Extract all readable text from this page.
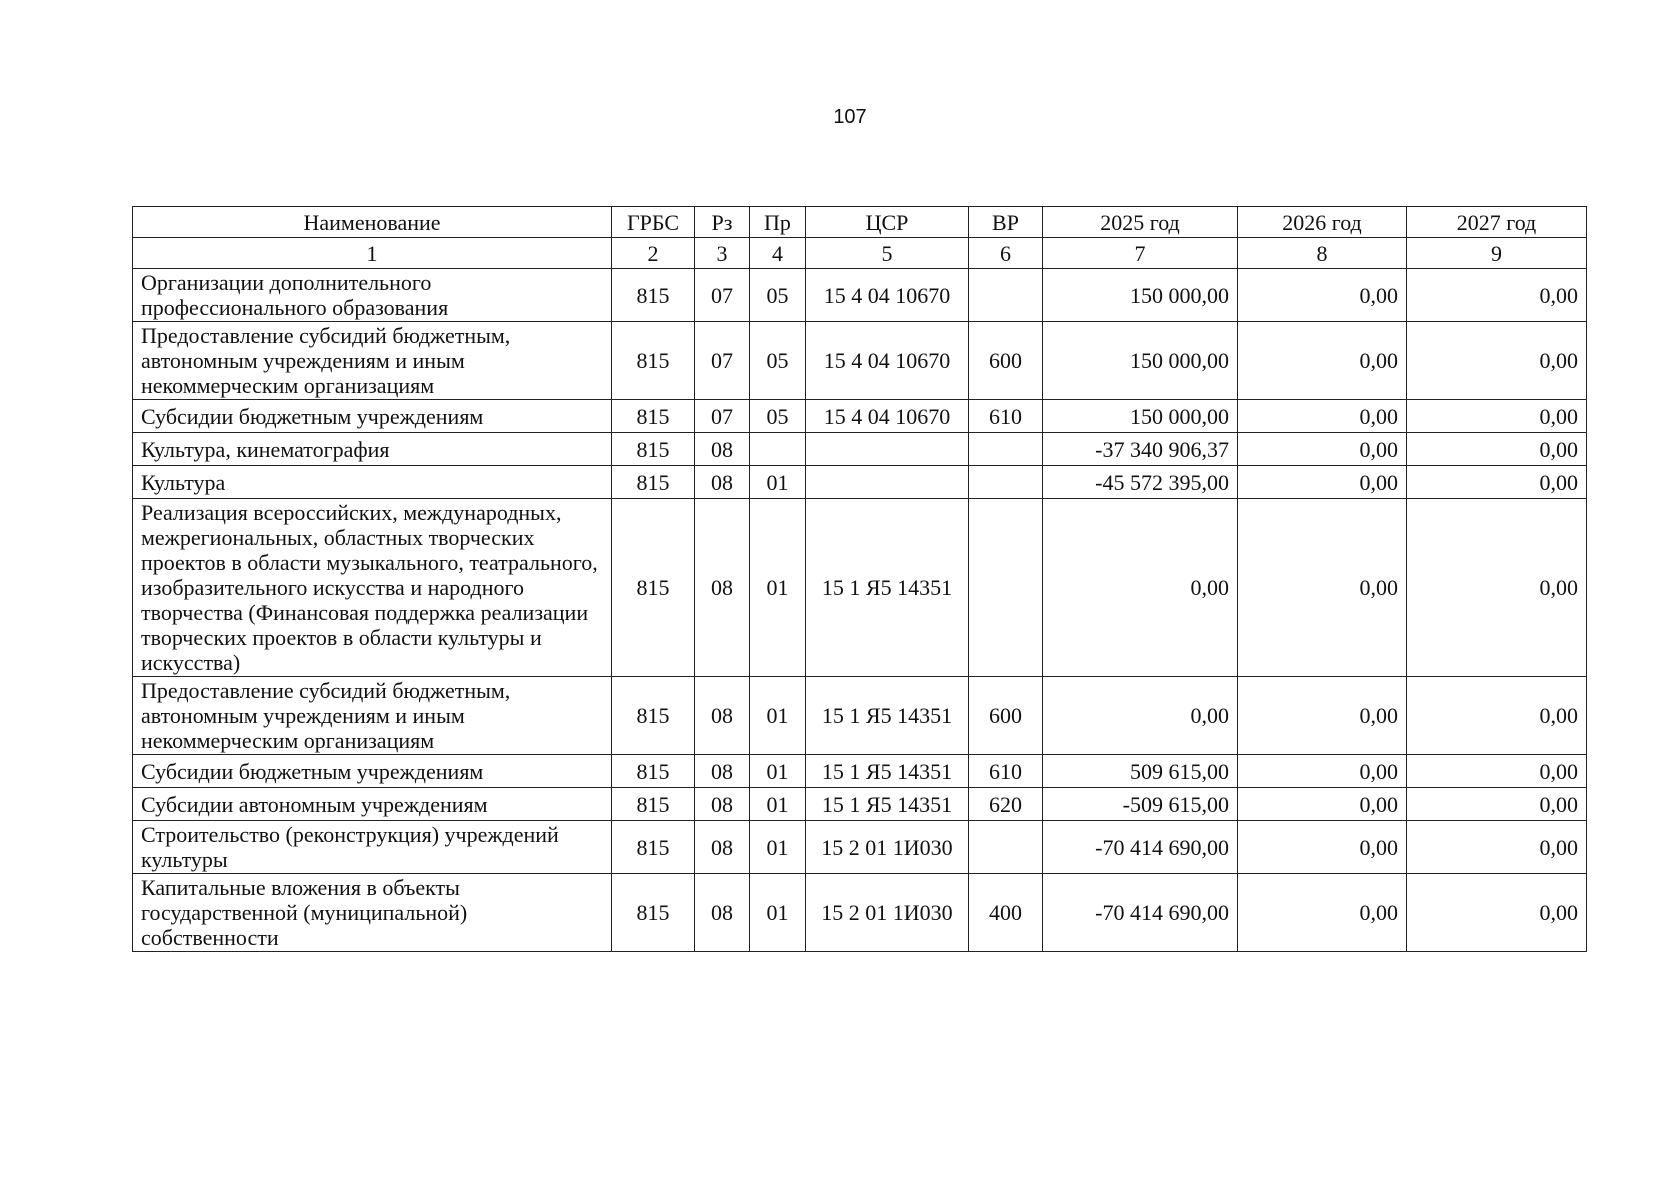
107
Наименование	ГРБС	Рз	Пр	ЦСР	ВР	2025 год	2026 год	2027 год
1	2	3	4	5	6	7	8	9
Организации дополнительного профессионального образования	815	07	05	15 4 04 10670		150 000,00	0,00	0,00
Предоставление субсидий бюджетным, автономным учреждениям и иным некоммерческим организациям	815	07	05	15 4 04 10670	600	150 000,00	0,00	0,00
Субсидии бюджетным учреждениям	815	07	05	15 4 04 10670	610	150 000,00	0,00	0,00
Культура, кинематография	815	08				-37 340 906,37	0,00	0,00
Культура	815	08	01			-45 572 395,00	0,00	0,00
Реализация всероссийских, международных, межрегиональных, областных творческих проектов в области музыкального, театрального, изобразительного искусства и народного творчества (Финансовая поддержка реализации творческих проектов в области культуры и искусства)	815	08	01	15 1 Я5 14351		0,00	0,00	0,00
Предоставление субсидий бюджетным, автономным учреждениям и иным некоммерческим организациям	815	08	01	15 1 Я5 14351	600	0,00	0,00	0,00
Субсидии бюджетным учреждениям	815	08	01	15 1 Я5 14351	610	509 615,00	0,00	0,00
Субсидии автономным учреждениям	815	08	01	15 1 Я5 14351	620	-509 615,00	0,00	0,00
Строительство (реконструкция) учреждений культуры	815	08	01	15 2 01 1И030		-70 414 690,00	0,00	0,00
Капитальные вложения в объекты государственной (муниципальной) собственности	815	08	01	15 2 01 1И030	400	-70 414 690,00	0,00	0,00
